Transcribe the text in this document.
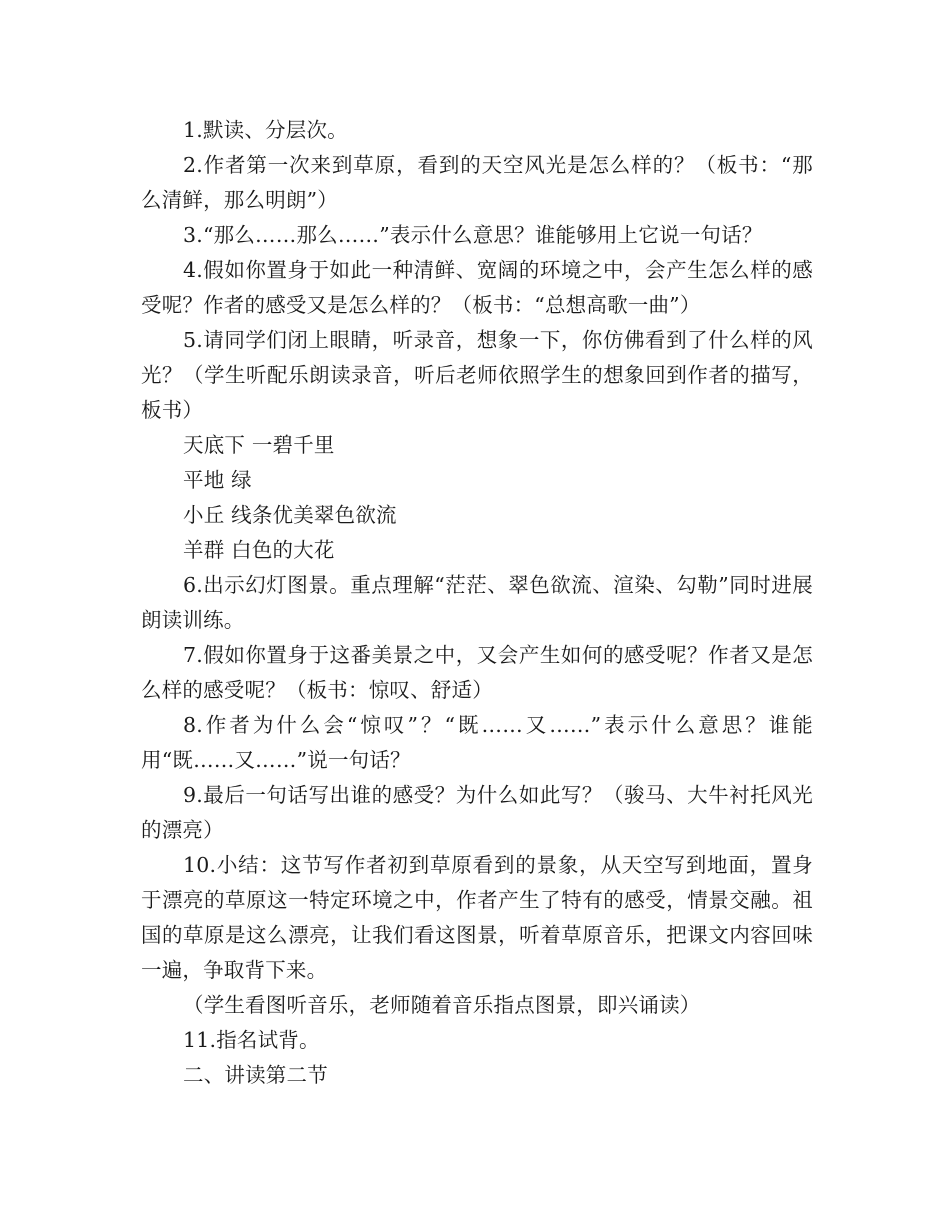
1.默读、分层次。

2.作者第一次来到草原，看到的天空风光是怎么样的？（板书：“那么清鲜，那么明朗”）

3.“那么……那么……”表示什么意思？谁能够用上它说一句话？

4.假如你置身于如此一种清鲜、宽阔的环境之中，会产生怎么样的感受呢？作者的感受又是怎么样的？（板书：“总想高歌一曲”）

5.请同学们闭上眼睛，听录音，想象一下，你仿佛看到了什么样的风光？（学生听配乐朗读录音，听后老师依照学生的想象回到作者的描写，板书）

天底下 一碧千里

平地 绿

小丘 线条优美翠色欲流

羊群 白色的大花

6.出示幻灯图景。重点理解“茫茫、翠色欲流、渲染、勾勒”同时进展朗读训练。

7.假如你置身于这番美景之中，又会产生如何的感受呢？作者又是怎么样的感受呢？（板书：惊叹、舒适）

8.作者为什么会“惊叹”？“既……又……”表示什么意思？谁能用“既……又……”说一句话？

9.最后一句话写出谁的感受？为什么如此写？（骏马、大牛衬托风光的漂亮）

10.小结：这节写作者初到草原看到的景象，从天空写到地面，置身于漂亮的草原这一特定环境之中，作者产生了特有的感受，情景交融。祖国的草原是这么漂亮，让我们看这图景，听着草原音乐，把课文内容回味一遍，争取背下来。

（学生看图听音乐，老师随着音乐指点图景，即兴诵读）

11.指名试背。

二、讲读第二节
